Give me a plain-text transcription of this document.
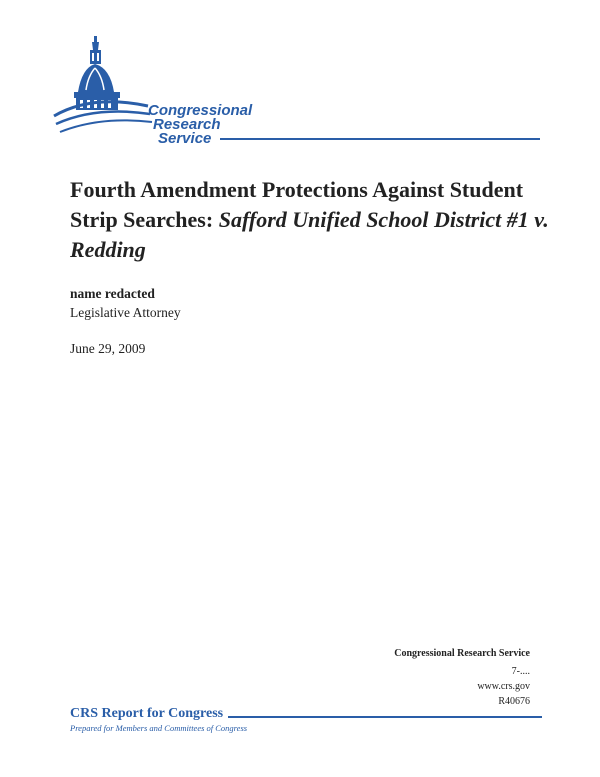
Congressional
Research
Service
Fourth Amendment Protections Against Student Strip Searches: Safford Unified School District #1 v. Redding
name redacted
Legislative Attorney
June 29, 2009
Congressional Research Service
7-....
www.crs.gov
R40676
CRS Report for Congress
Prepared for Members and Committees of Congress
